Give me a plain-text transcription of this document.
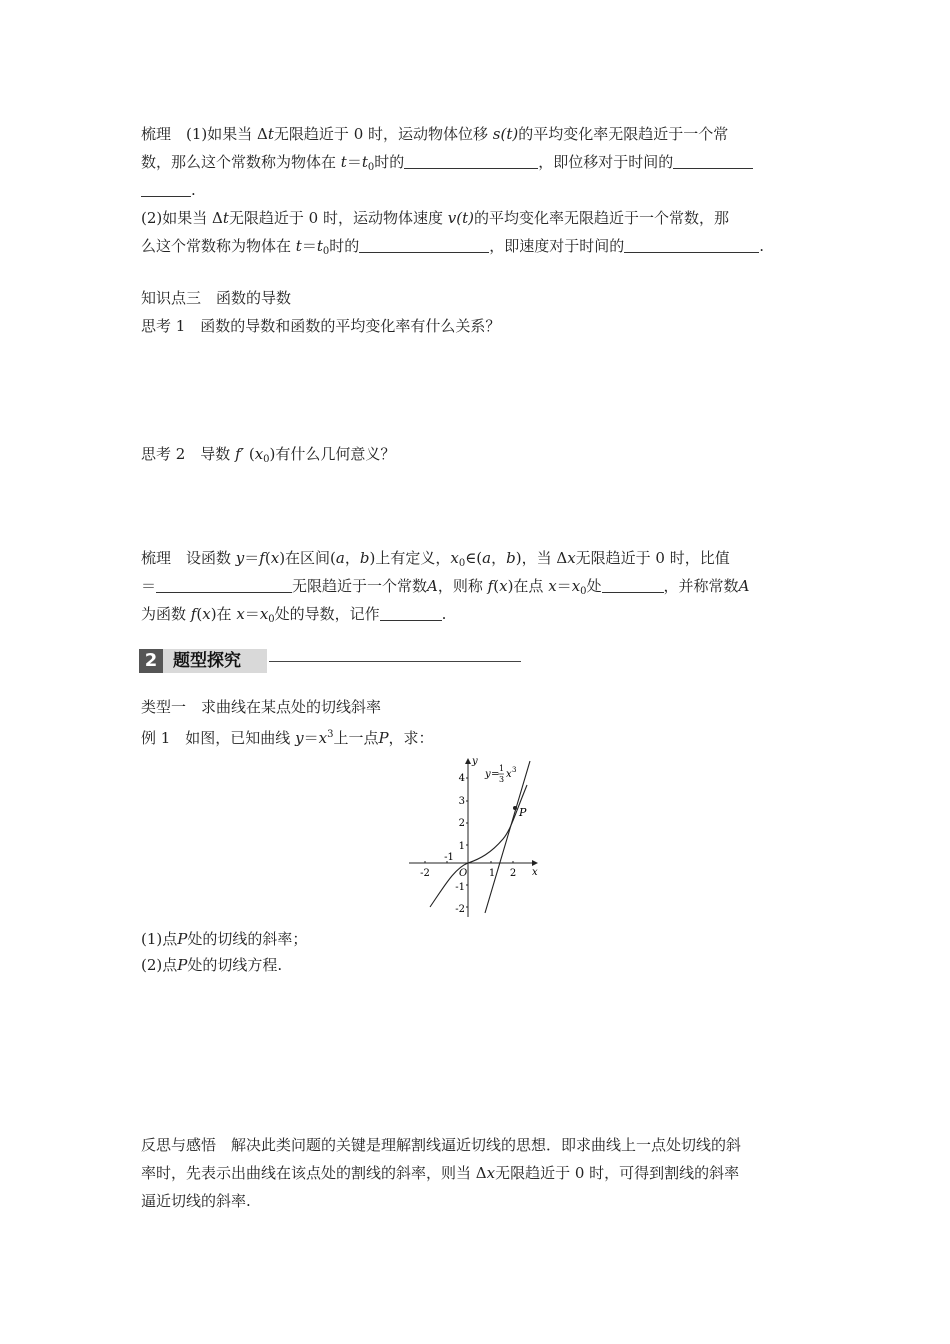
梳理　 (1)如果当 Δt无限趋近于 0 时，运动物体位移 s(t)的平均变化率无限趋近于一个常
数，那么这个常数称为物体在 $t=t_0$时的	，即位移对于时间的
.
(2)如果当 Δt无限趋近于 0 时，运动物体速度 v(t)的平均变化率无限趋近于一个常数，那
么这个常数称为物体在 $t=t_0$时的	，即速度对于时间的	.
知识点三　函数的导数
思考 1　函数的导数和函数的平均变化率有什么关系？
思考 2　导数 f′ $(x_0)$有什么几何意义？
梳理　设函数 y＝f(x)在区间(a，b)上有定义，$x_0\in(a$，b)，当 Δx无限趋近于 0 时，比值
＝	无限趋近于一个常数A，则称 f(x)在点 $x=x_0$处	，并称常数A
为函数 f(x)在 $x=x_0$处的导数，记作	.
2 题型探究
类型一　求曲线在某点处的切线斜率
例 1　如图，已知曲线 $y=x^3$上一点P，求：
P
y
x
O
y =
1
3 x 3
4
3
2
1
-1
-2
-2
-1
1 2
(1)点P处的切线的斜率；
(2)点P处的切线方程.
反思与感悟　解决此类问题的关键是理解割线逼近切线的思想．即求曲线上一点处切线的斜
率时，先表示出曲线在该点处的割线的斜率，则当 Δx无限趋近于 0 时，可得到割线的斜率
逼近切线的斜率.
